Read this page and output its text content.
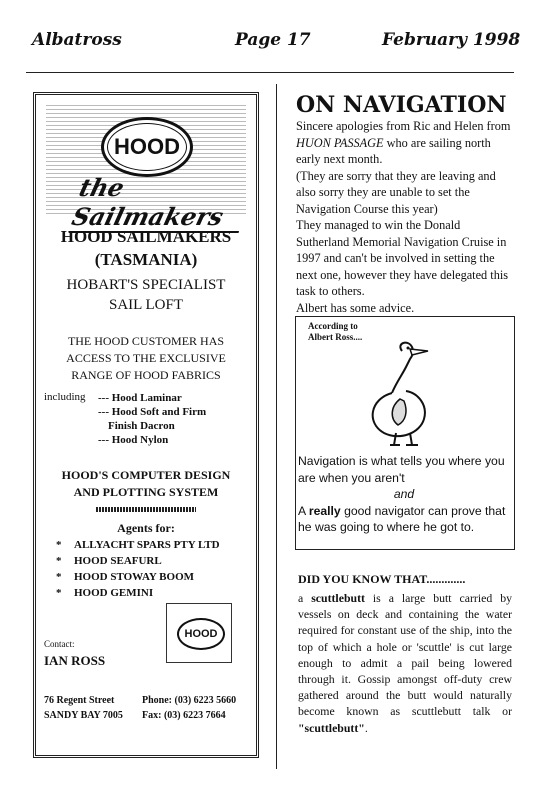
Albatross	Page 17	February 1998
HOOD
the Sailmakers
HOOD SAILMAKERS
(TASMANIA)
HOBART'S SPECIALIST
SAIL LOFT
THE HOOD CUSTOMER HAS
ACCESS TO THE EXCLUSIVE
RANGE OF HOOD FABRICS
including --- Hood Laminar
--- Hood Soft and Firm
Finish Dacron
--- Hood Nylon
HOOD'S COMPUTER DESIGN
AND PLOTTING SYSTEM
Agents for:
* ALLYACHT SPARS PTY LTD
* HOOD SEAFURL
* HOOD STOWAY BOOM
* HOOD GEMINI
Contact:
IAN ROSS
HOOD
76 Regent Street
SANDY BAY 7005
Phone: (03) 6223 5660
Fax: (03) 6223 7664
ON NAVIGATION

Sincere apologies from Ric and Helen from HUON PASSAGE who are sailing north early next month.

(They are sorry that they are leaving and also sorry they are unable to set the Navigation Course this year)

They managed to win the Donald Sutherland Memorial Navigation Cruise in 1997 and can't be involved in setting the next one, however they have delegated this task to others.

Albert has some advice.

According to
Albert Ross....
Navigation is what tells you where you are when you aren't
and
A really good navigator can prove that he was going to where he got to.
DID YOU KNOW THAT.............
a scuttlebutt is a large butt carried by vessels on deck and containing the water required for constant use of the ship, into the top of which a hole or 'scuttle' is cut large enough to admit a pail being lowered through it. Gossip amongst off-duty crew gathered around the butt would naturally become known as scuttlebutt talk or "scuttlebutt".
